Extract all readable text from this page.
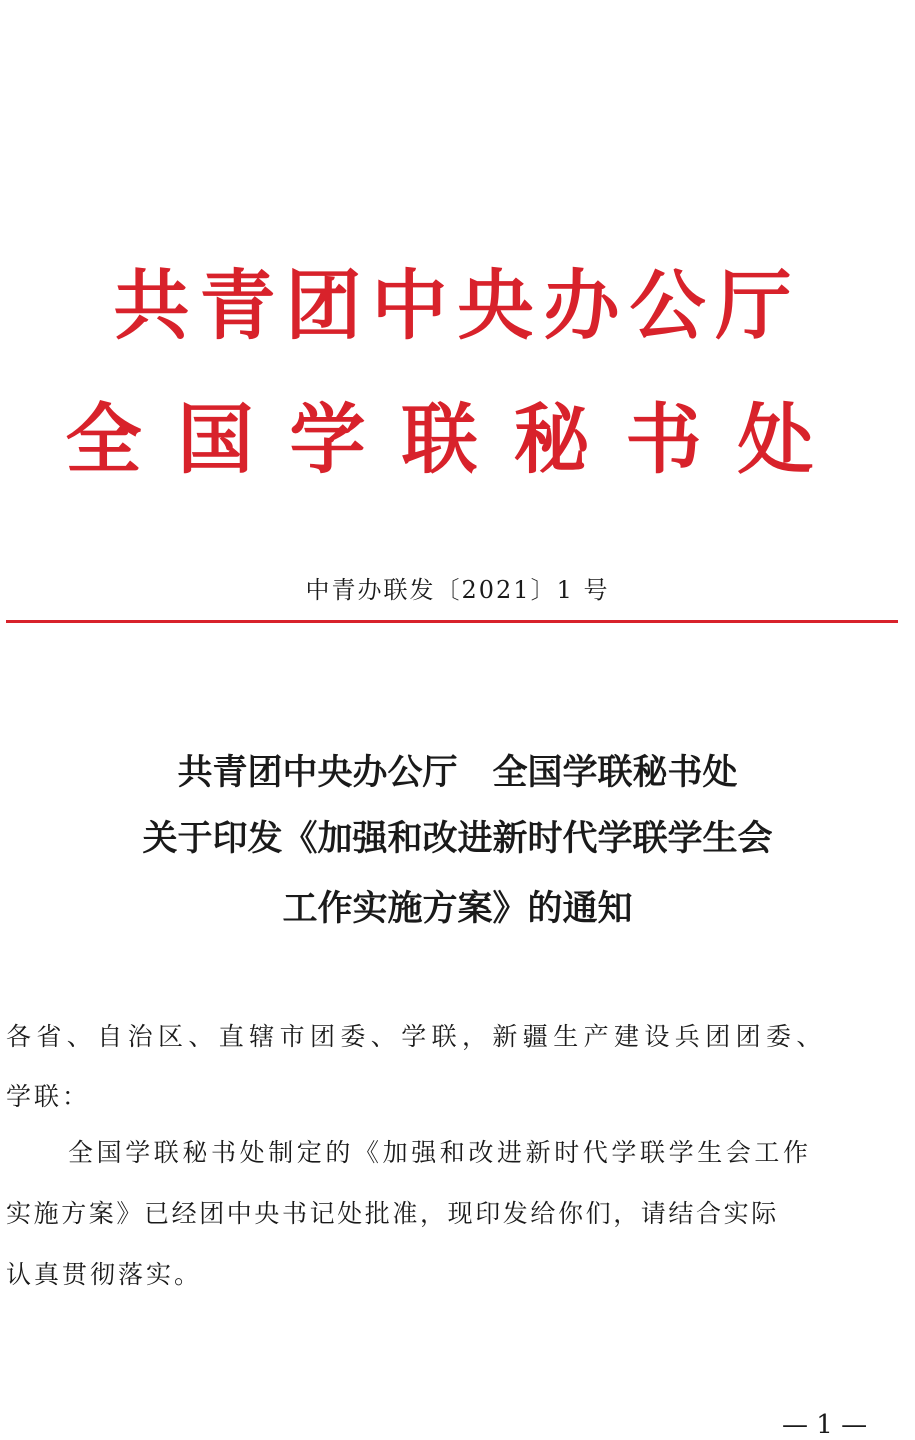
共青团中央办公厅
全国学联秘书处
中青办联发〔2021〕1 号
共青团中央办公厅　全国学联秘书处
关于印发《加强和改进新时代学联学生会
工作实施方案》的通知
各省、自治区、直辖市团委、学联，新疆生产建设兵团团委、
学联：
全国学联秘书处制定的《加强和改进新时代学联学生会工作
实施方案》已经团中央书记处批准，现印发给你们，请结合实际
认真贯彻落实。
— 1 —
